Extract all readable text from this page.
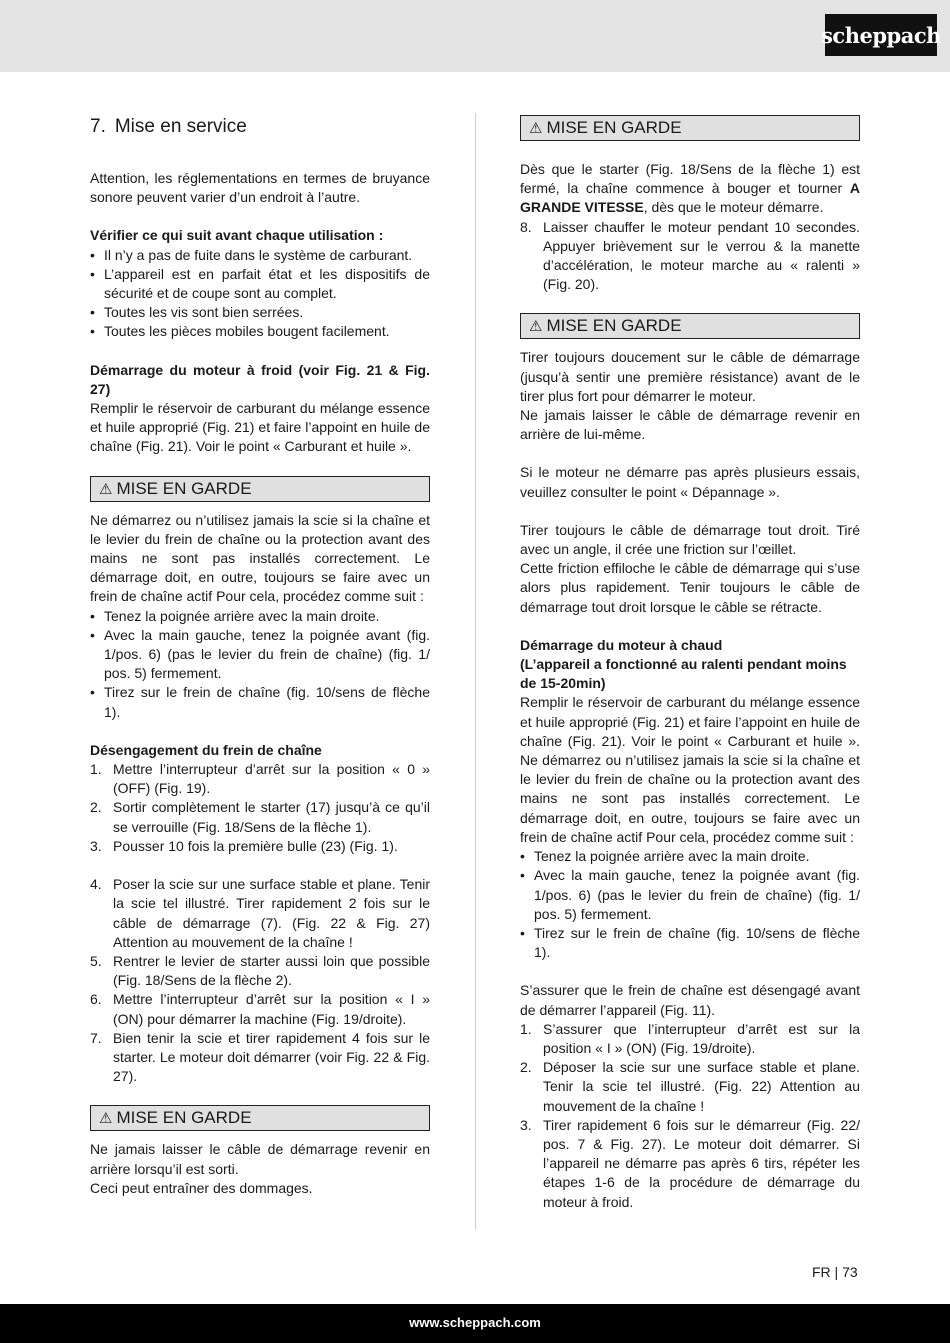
scheppach
7. Mise en service

Attention, les réglementations en termes de bruyance sonore peuvent varier d’un endroit à l’autre.

Vérifier ce qui suit avant chaque utilisation :

• Il n’y a pas de fuite dans le système de carburant.
• L’appareil est en parfait état et les dispositifs de sécurité et de coupe sont au complet.
• Toutes les vis sont bien serrées.
• Toutes les pièces mobiles bougent facilement.

Démarrage du moteur à froid (voir Fig. 21 & Fig. 27)

Remplir le réservoir de carburant du mélange essence et huile approprié (Fig. 21) et faire l’appoint en huile de chaîne (Fig. 21). Voir le point « Carburant et huile ».

⚠ MISE EN GARDE

Ne démarrez ou n’utilisez jamais la scie si la chaîne et le levier du frein de chaîne ou la protection avant des mains ne sont pas installés correctement. Le démarrage doit, en outre, toujours se faire avec un frein de chaîne actif Pour cela, procédez comme suit :

• Tenez la poignée arrière avec la main droite.
• Avec la main gauche, tenez la poignée avant (fig. 1/pos. 6) (pas le levier du frein de chaîne) (fig. 1/ pos. 5) fermement.
• Tirez sur le frein de chaîne (fig. 10/sens de flèche 1).

Désengagement du frein de chaîne

1. Mettre l’interrupteur d’arrêt sur la position « 0 » (OFF) (Fig. 19).
2. Sortir complètement le starter (17) jusqu’à ce qu’il se verrouille (Fig. 18/Sens de la flèche 1).
3. Pousser 10 fois la première bulle (23) (Fig. 1).
4. Poser la scie sur une surface stable et plane. Tenir la scie tel illustré. Tirer rapidement 2 fois sur le câble de démarrage (7). (Fig. 22 & Fig. 27) Attention au mouvement de la chaîne !
5. Rentrer le levier de starter aussi loin que possible (Fig. 18/Sens de la flèche 2).
6. Mettre l’interrupteur d’arrêt sur la position « I » (ON) pour démarrer la machine (Fig. 19/droite).
7. Bien tenir la scie et tirer rapidement 4 fois sur le starter. Le moteur doit démarrer (voir Fig. 22 & Fig. 27).
⚠ MISE EN GARDE

Ne jamais laisser le câble de démarrage revenir en arrière lorsqu’il est sorti.

Ceci peut entraîner des dommages.

⚠ MISE EN GARDE

Dès que le starter (Fig. 18/Sens de la flèche 1) est fermé, la chaîne commence à bouger et tourner A GRANDE VITESSE, dès que le moteur démarre.

8. Laisser chauffer le moteur pendant 10 secondes. Appuyer brièvement sur le verrou & la manette d’accélération, le moteur marche au « ralenti » (Fig. 20).
⚠ MISE EN GARDE

Tirer toujours doucement sur le câble de démarrage (jusqu’à sentir une première résistance) avant de le tirer plus fort pour démarrer le moteur.

Ne jamais laisser le câble de démarrage revenir en arrière de lui-même.

Si le moteur ne démarre pas après plusieurs essais, veuillez consulter le point « Dépannage ».

Tirer toujours le câble de démarrage tout droit. Tiré avec un angle, il crée une friction sur l’œillet.

Cette friction effiloche le câble de démarrage qui s’use alors plus rapidement. Tenir toujours le câble de démarrage tout droit lorsque le câble se rétracte.

Démarrage du moteur à chaud

(L’appareil a fonctionné au ralenti pendant moins de 15-20min)

Remplir le réservoir de carburant du mélange essence et huile approprié (Fig. 21) et faire l’appoint en huile de chaîne (Fig. 21). Voir le point « Carburant et huile ». Ne démarrez ou n’utilisez jamais la scie si la chaîne et le levier du frein de chaîne ou la protection avant des mains ne sont pas installés correctement. Le démarrage doit, en outre, toujours se faire avec un frein de chaîne actif Pour cela, procédez comme suit :

• Tenez la poignée arrière avec la main droite.
• Avec la main gauche, tenez la poignée avant (fig. 1/pos. 6) (pas le levier du frein de chaîne) (fig. 1/ pos. 5) fermement.
• Tirez sur le frein de chaîne (fig. 10/sens de flèche 1).

S’assurer que le frein de chaîne est désengagé avant de démarrer l’appareil (Fig. 11).

1. S’assurer que l’interrupteur d’arrêt est sur la position « I » (ON) (Fig. 19/droite).
2. Déposer la scie sur une surface stable et plane. Tenir la scie tel illustré. (Fig. 22) Attention au mouvement de la chaîne !
3. Tirer rapidement 6 fois sur le démarreur (Fig. 22/ pos. 7 & Fig. 27). Le moteur doit démarrer. Si l’appareil ne démarre pas après 6 tirs, répéter les étapes 1-6 de la procédure de démarrage du moteur à froid.
FR | 73
www.scheppach.com
